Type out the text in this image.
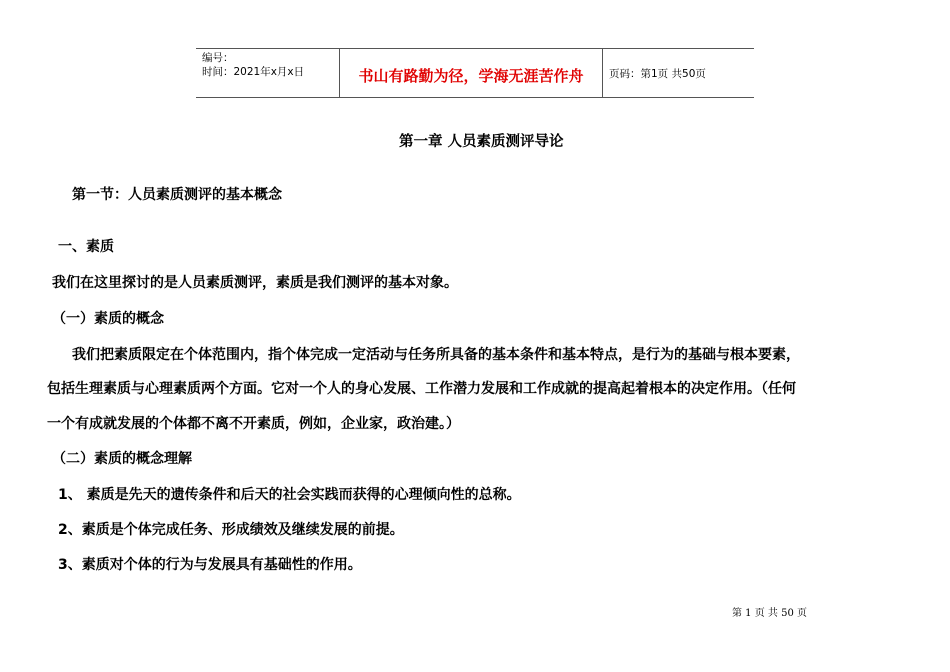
编号：
时间：2021年x月x日	书山有路勤为径，学海无涯苦作舟	页码：第1页 共50页
第一章 人员素质测评导论
第一节：人员素质测评的基本概念
一、素质
我们在这里探讨的是人员素质测评，素质是我们测评的基本对象。
（一）素质的概念
我们把素质限定在个体范围内，指个体完成一定活动与任务所具备的基本条件和基本特点，是行为的基础与根本要素，
包括生理素质与心理素质两个方面。它对一个人的身心发展、工作潜力发展和工作成就的提高起着根本的决定作用。（任何
一个有成就发展的个体都不离不开素质，例如，企业家，政治建。）
（二）素质的概念理解
1、 素质是先天的遗传条件和后天的社会实践而获得的心理倾向性的总称。
2、素质是个体完成任务、形成绩效及继续发展的前提。
3、素质对个体的行为与发展具有基础性的作用。
第 1 页 共 50 页
